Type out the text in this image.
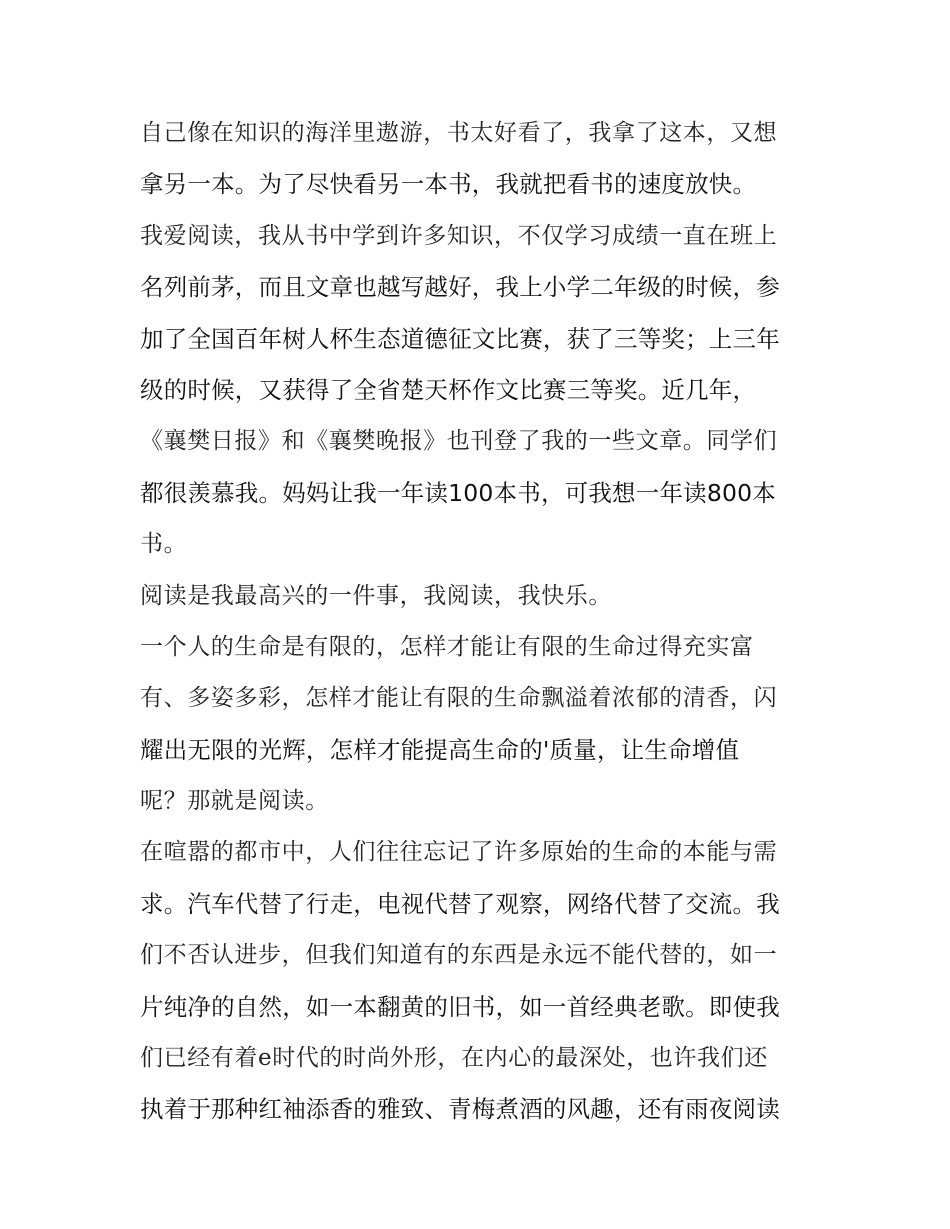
自己像在知识的海洋里遨游，书太好看了，我拿了这本，又想
拿另一本。为了尽快看另一本书，我就把看书的速度放快。
我爱阅读，我从书中学到许多知识，不仅学习成绩一直在班上
名列前茅，而且文章也越写越好，我上小学二年级的时候，参
加了全国百年树人杯生态道德征文比赛，获了三等奖；上三年
级的时候，又获得了全省楚天杯作文比赛三等奖。近几年，
《襄樊日报》和《襄樊晚报》也刊登了我的一些文章。同学们
都很羡慕我。妈妈让我一年读100本书，可我想一年读800本
书。
阅读是我最高兴的一件事，我阅读，我快乐。
一个人的生命是有限的，怎样才能让有限的生命过得充实富
有、多姿多彩，怎样才能让有限的生命飘溢着浓郁的清香，闪
耀出无限的光辉，怎样才能提高生命的'质量，让生命增值
呢？那就是阅读。
在喧嚣的都市中，人们往往忘记了许多原始的生命的本能与需
求。汽车代替了行走，电视代替了观察，网络代替了交流。我
们不否认进步，但我们知道有的东西是永远不能代替的，如一
片纯净的自然，如一本翻黄的旧书，如一首经典老歌。即使我
们已经有着e时代的时尚外形，在内心的最深处，也许我们还
执着于那种红袖添香的雅致、青梅煮酒的风趣，还有雨夜阅读
